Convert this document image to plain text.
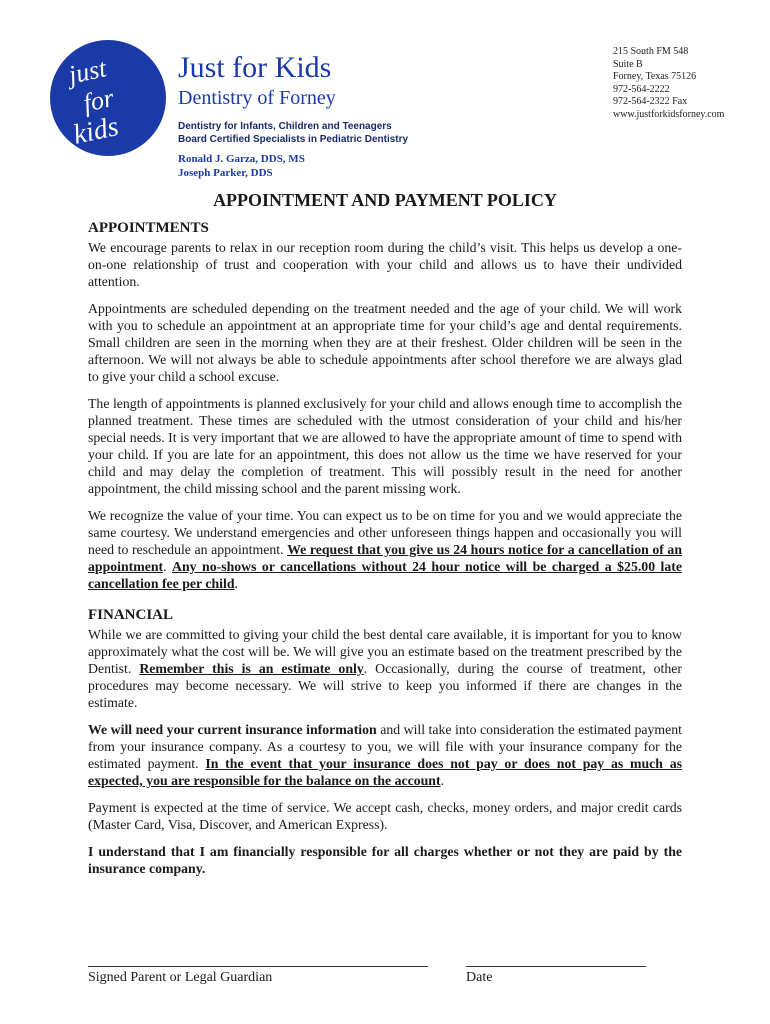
just
for
kids
Just for Kids
Dentistry of Forney
Dentistry for Infants, Children and Teenagers
Board Certified Specialists in Pediatric Dentistry
Ronald J. Garza, DDS, MS
Joseph Parker, DDS
215 South FM 548
Suite B
Forney, Texas 75126
972-564-2222
972-564-2322 Fax
www.justforkidsforney.com
APPOINTMENT AND PAYMENT POLICY
APPOINTMENTS

We encourage parents to relax in our reception room during the child’s visit. This helps us develop a one-on-one relationship of trust and cooperation with your child and allows us to have their undivided attention.

Appointments are scheduled depending on the treatment needed and the age of your child. We will work with you to schedule an appointment at an appropriate time for your child’s age and dental requirements. Small children are seen in the morning when they are at their freshest. Older children will be seen in the afternoon. We will not always be able to schedule appointments after school therefore we are always glad to give your child a school excuse.

The length of appointments is planned exclusively for your child and allows enough time to accomplish the planned treatment. These times are scheduled with the utmost consideration of your child and his/her special needs. It is very important that we are allowed to have the appropriate amount of time to spend with your child. If you are late for an appointment, this does not allow us the time we have reserved for your child and may delay the completion of treatment. This will possibly result in the need for another appointment, the child missing school and the parent missing work.

We recognize the value of your time. You can expect us to be on time for you and we would appreciate the same courtesy. We understand emergencies and other unforeseen things happen and occasionally you will need to reschedule an appointment. We request that you give us 24 hours notice for a cancellation of an appointment. Any no-shows or cancellations without 24 hour notice will be charged a $25.00 late cancellation fee per child.

FINANCIAL

While we are committed to giving your child the best dental care available, it is important for you to know approximately what the cost will be. We will give you an estimate based on the treatment prescribed by the Dentist. Remember this is an estimate only. Occasionally, during the course of treatment, other procedures may become necessary. We will strive to keep you informed if there are changes in the estimate.

We will need your current insurance information and will take into consideration the estimated payment from your insurance company. As a courtesy to you, we will file with your insurance company for the estimated payment. In the event that your insurance does not pay or does not pay as much as expected, you are responsible for the balance on the account.

Payment is expected at the time of service. We accept cash, checks, money orders, and major credit cards (Master Card, Visa, Discover, and American Express).

I understand that I am financially responsible for all charges whether or not they are paid by the insurance company.

Signed Parent or Legal Guardian	Date
